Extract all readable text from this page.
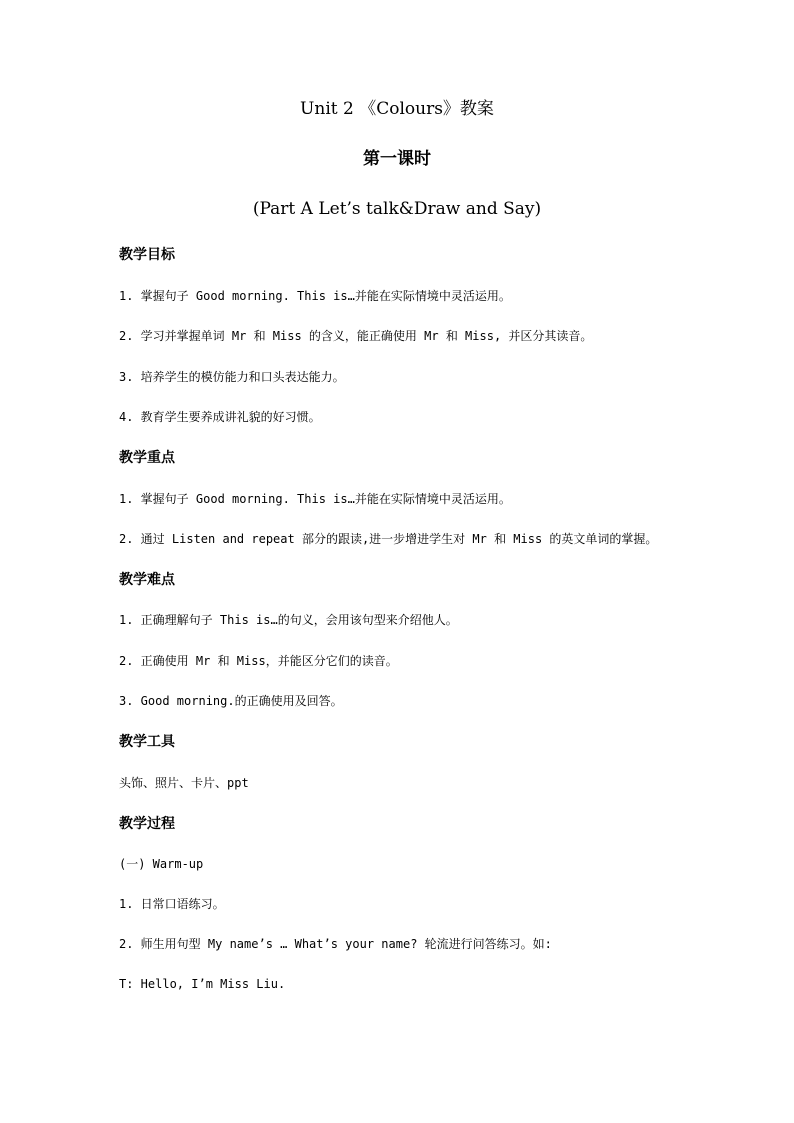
Unit 2 《Colours》教案
第一课时
(Part A Let’s talk&Draw and Say)
教学目标
1. 掌握句子 Good morning. This is…并能在实际情境中灵活运用。
2. 学习并掌握单词 Mr 和 Miss 的含义，能正确使用 Mr 和 Miss, 并区分其读音。
3. 培养学生的模仿能力和口头表达能力。
4. 教育学生要养成讲礼貌的好习惯。
教学重点
1. 掌握句子 Good morning. This is…并能在实际情境中灵活运用。
2. 通过 Listen and repeat 部分的跟读,进一步增进学生对 Mr 和 Miss 的英文单词的掌握。
教学难点
1. 正确理解句子 This is…的句义，会用该句型来介绍他人。
2. 正确使用 Mr 和 Miss，并能区分它们的读音。
3. Good morning.的正确使用及回答。
教学工具
头饰、照片、卡片、ppt
教学过程
(一) Warm-up
1. 日常口语练习。
2. 师生用句型 My name’s … What’s your name? 轮流进行问答练习。如:
T: Hello, I’m Miss Liu.
